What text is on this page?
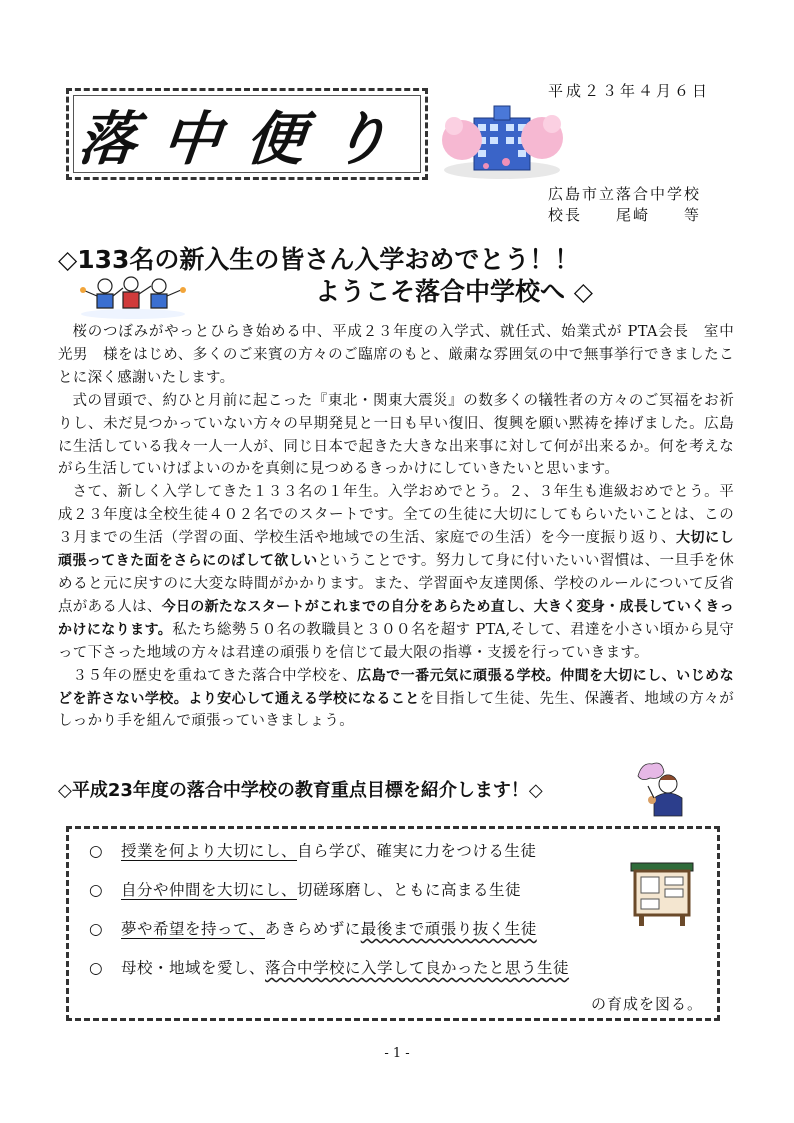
平成２３年４月６日
落中便り
広島市立落合中学校
校長　　尾崎　　等
◇133名の新入生の皆さん入学おめでとう！！
ようこそ落合中学校へ ◇

桜のつぼみがやっとひらき始める中、平成２３年度の入学式、就任式、始業式が PTA会長　室中　光男　様をはじめ、多くのご来賓の方々のご臨席のもと、厳粛な雰囲気の中で無事挙行できましたことに深く感謝いたします。

式の冒頭で、約ひと月前に起こった『東北・関東大震災』の数多くの犠牲者の方々のご冥福をお祈りし、未だ見つかっていない方々の早期発見と一日も早い復旧、復興を願い黙祷を捧げました。広島に生活している我々一人一人が、同じ日本で起きた大きな出来事に対して何が出来るか。何を考えながら生活していけばよいのかを真剣に見つめるきっかけにしていきたいと思います。

さて、新しく入学してきた１３３名の１年生。入学おめでとう。２、３年生も進級おめでとう。平成２３年度は全校生徒４０２名でのスタートです。全ての生徒に大切にしてもらいたいことは、この３月までの生活（学習の面、学校生活や地域での生活、家庭での生活）を今一度振り返り、大切にし頑張ってきた面をさらにのばして欲しいということです。努力して身に付いたいい習慣は、一旦手を休めると元に戻すのに大変な時間がかかります。また、学習面や友達関係、学校のルールについて反省点がある人は、今日の新たなスタートがこれまでの自分をあらため直し、大きく変身・成長していくきっかけになります。私たち総勢５０名の教職員と３００名を超す PTA,そして、君達を小さい頃から見守って下さった地域の方々は君達の頑張りを信じて最大限の指導・支援を行っていきます。

３５年の歴史を重ねてきた落合中学校を、広島で一番元気に頑張る学校。仲間を大切にし、いじめなどを許さない学校。より安心して通える学校になることを目指して生徒、先生、保護者、地域の方々がしっかり手を組んで頑張っていきましょう。

◇平成23年度の落合中学校の教育重点目標を紹介します！◇
○ 授業を何より大切にし、自ら学び、確実に力をつける生徒
○ 自分や仲間を大切にし、切磋琢磨し、ともに高まる生徒
○ 夢や希望を持って、あきらめずに最後まで頑張り抜く生徒
○ 母校・地域を愛し、落合中学校に入学して良かったと思う生徒
の育成を図る。
- 1 -
